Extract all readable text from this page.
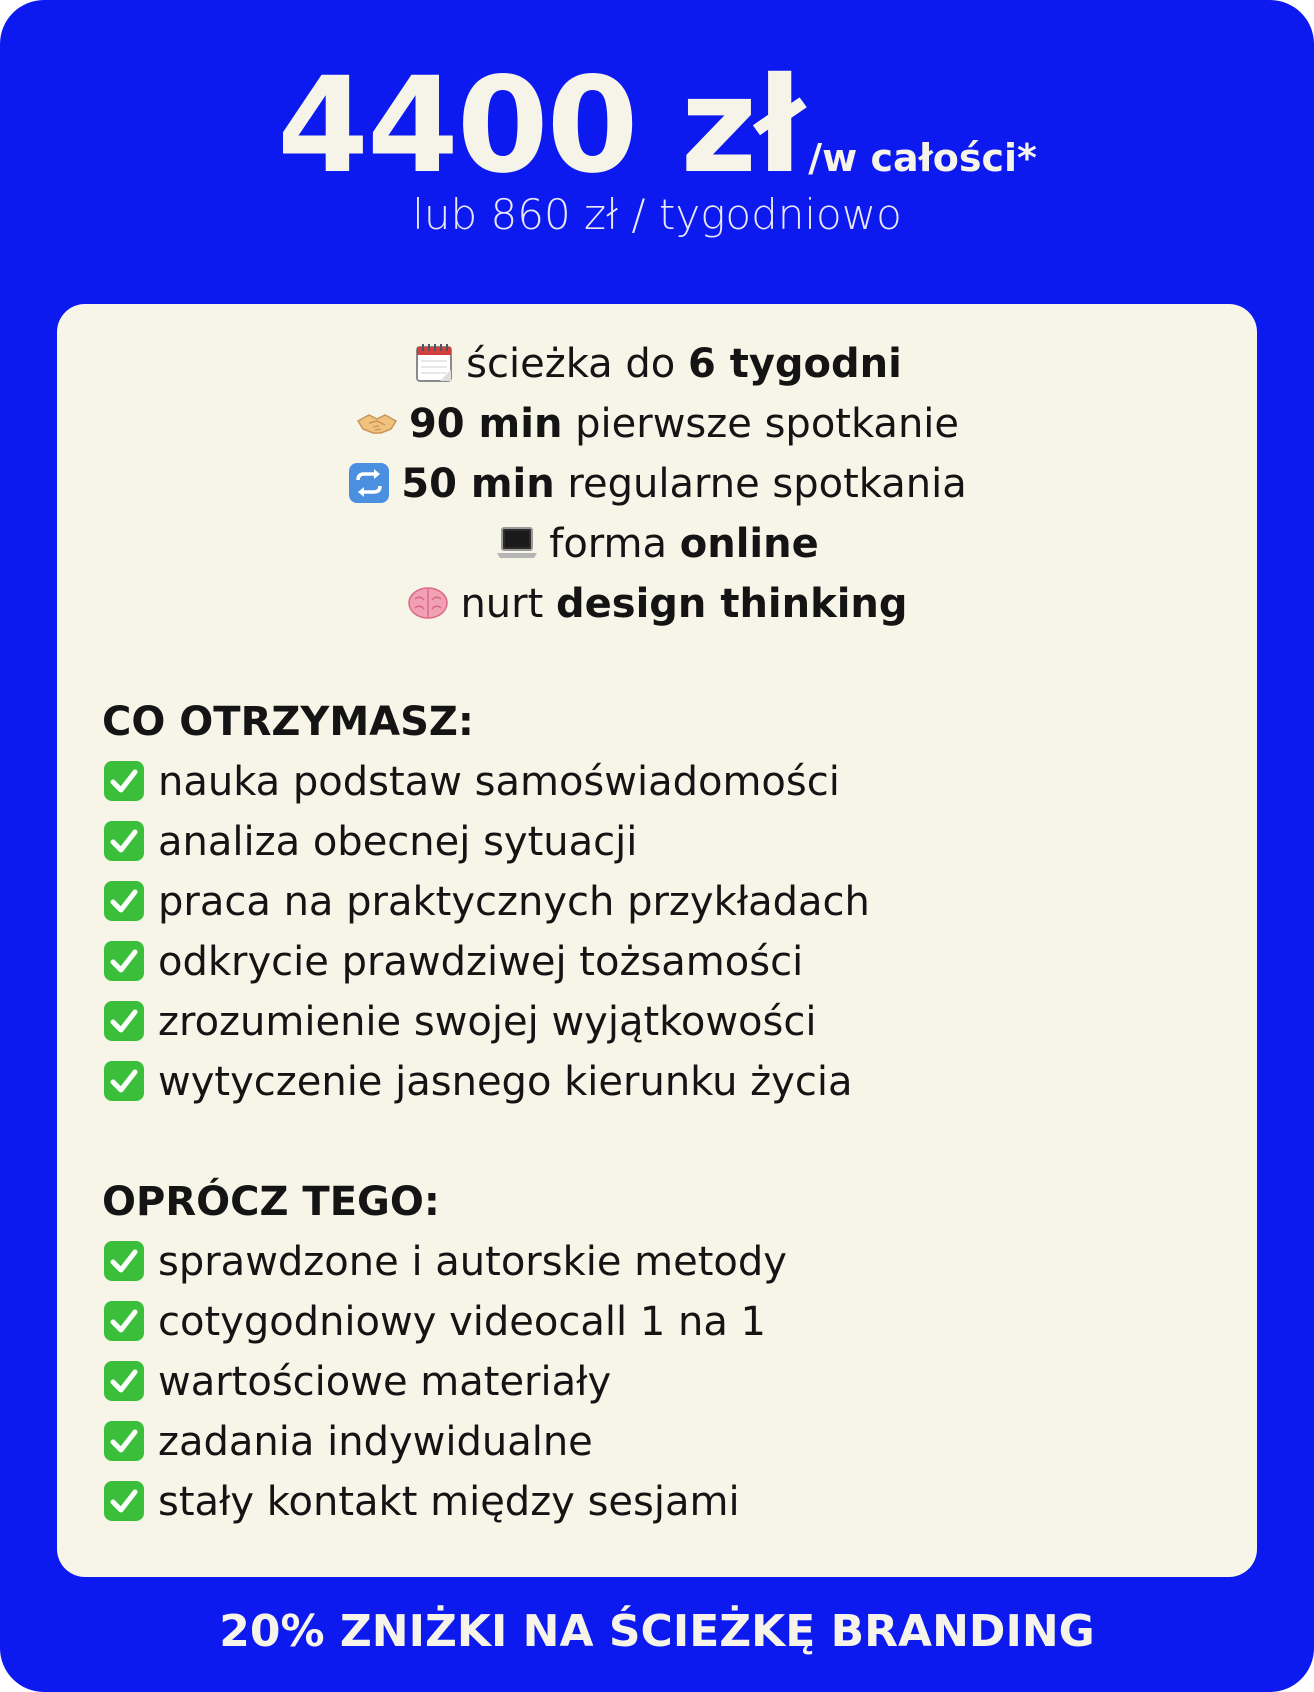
4400 zł /w całości*
lub 860 zł / tygodniowo
ścieżka do 6 tygodni
90 min pierwsze spotkanie
50 min regularne spotkania
forma online
nurt design thinking
CO OTRZYMASZ:
nauka podstaw samoświadomości
analiza obecnej sytuacji
praca na praktycznych przykładach
odkrycie prawdziwej tożsamości
zrozumienie swojej wyjątkowości
wytyczenie jasnego kierunku życia
OPRÓCZ TEGO:
sprawdzone i autorskie metody
cotygodniowy videocall 1 na 1
wartościowe materiały
zadania indywidualne
stały kontakt między sesjami
20% ZNIŻKI NA ŚCIEŻKĘ BRANDING
